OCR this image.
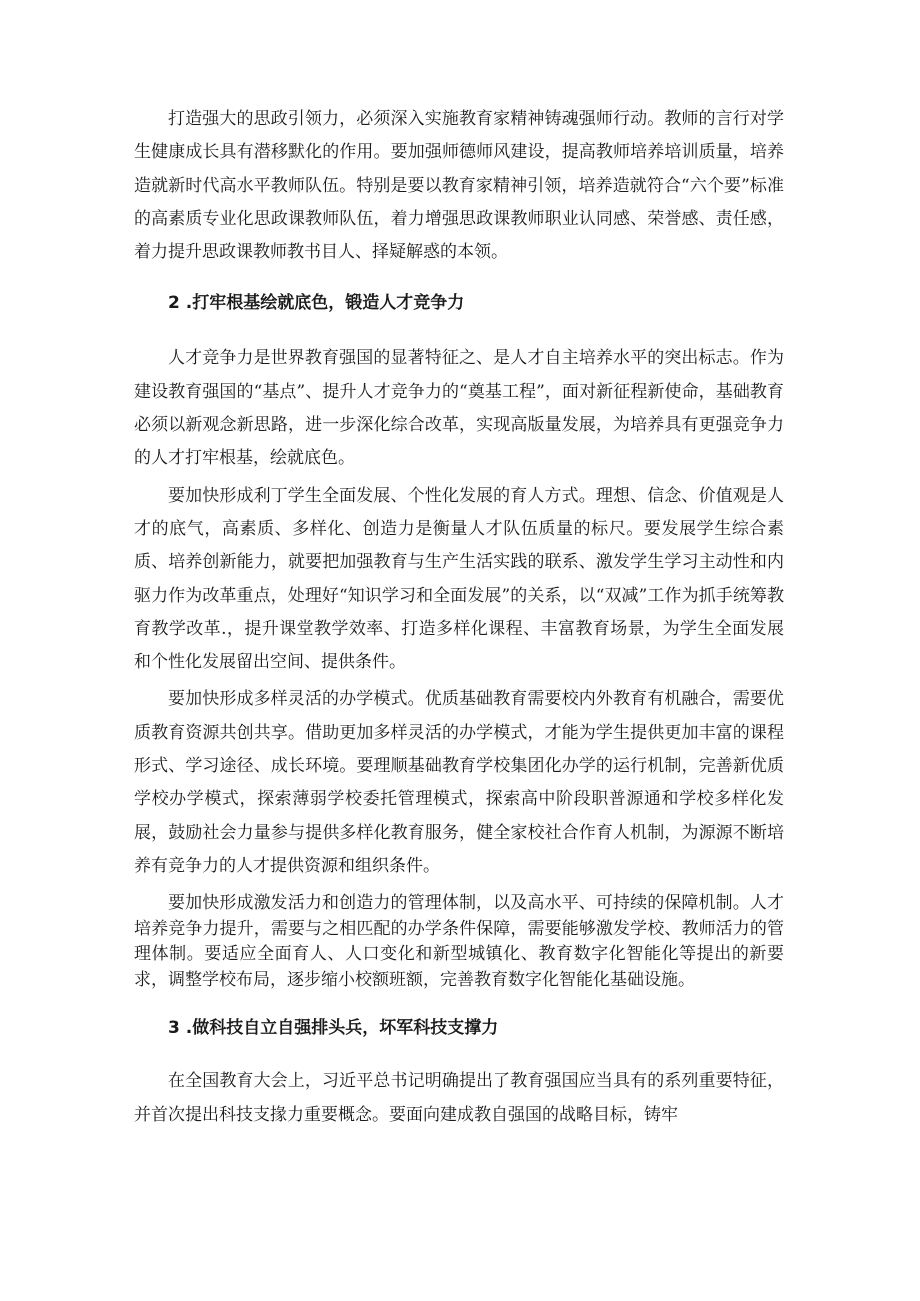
打造强大的思政引领力，必须深入实施教育家精神铸魂强师行动。教师的言行对学生健康成长具有潜移默化的作用。要加强师德师风建设，提高教师培养培训质量，培养造就新时代高水平教师队伍。特别是要以教育家精神引领，培养造就符合“六个要”标准的高素质专业化思政课教师队伍，着力增强思政课教师职业认同感、荣誉感、责任感，着力提升思政课教师教书目人、择疑解惑的本领。

2 .打牢根基绘就底色，锻造人才竞争力

人才竞争力是世界教育强国的显著特征之、是人才自主培养水平的突出标志。作为建设教育强国的“基点”、提升人才竞争力的“奠基工程”，面对新征程新使命，基础教育必须以新观念新思路，进一步深化综合改革，实现高版量发展，为培养具有更强竞争力的人才打牢根基，绘就底色。

要加快形成利丁学生全面发展、个性化发展的育人方式。理想、信念、价值观是人才的底气，高素质、多样化、创造力是衡量人才队伍质量的标尺。要发展学生综合素质、培养创新能力，就要把加强教育与生产生活实践的联系、激发学生学习主动性和内驱力作为改革重点，处理好“知识学习和全面发展”的关系，以“双减”工作为抓手统筹教育教学改革.，提升课堂教学效率、打造多样化课程、丰富教育场景，为学生全面发展和个性化发展留出空间、提供条件。

要加快形成多样灵活的办学模式。优质基础教育需要校内外教育有机融合，需要优质教育资源共创共享。借助更加多样灵活的办学模式，才能为学生提供更加丰富的课程形式、学习途径、成长环境。要理顺基础教育学校集团化办学的运行机制，完善新优质学校办学模式，探索薄弱学校委托管理模式，探索高中阶段职普源通和学校多样化发展，鼓励社会力量参与提供多样化教育服务，健全家校社合作育人机制，为源源不断培养有竞争力的人才提供资源和组织条件。

要加快形成激发活力和创造力的管理体制，以及高水平、可持续的保障机制。人才培养竞争力提升，需要与之相匹配的办学条件保障，需要能够激发学校、教师活力的管理体制。要适应全面育人、人口变化和新型城镇化、教育数字化智能化等提出的新要求，调整学校布局，逐步缩小校额班额，完善教育数字化智能化基础设施。

3 .做科技自立自强排头兵，坏军科技支撑力

在全国教育大会上，习近平总书记明确提出了教育强国应当具有的系列重要特征，并首次提出科技支掾力重要概念。要面向建成教自强国的战略目标，铸牢
